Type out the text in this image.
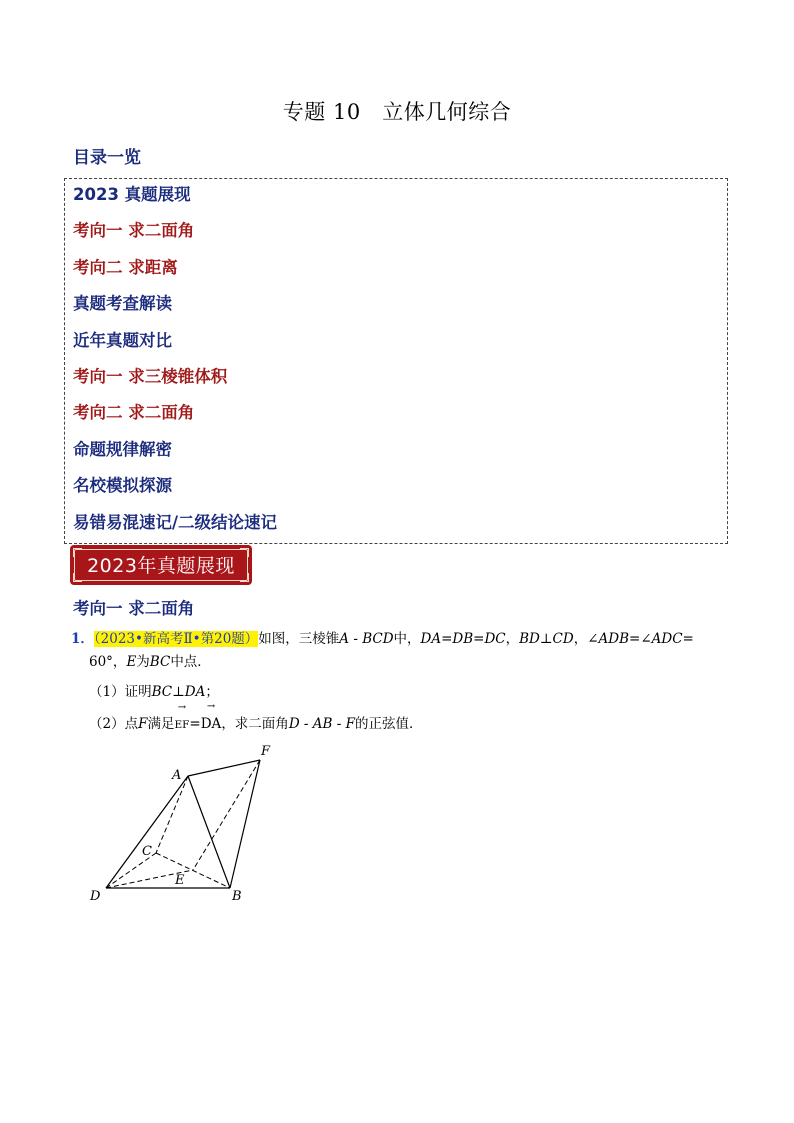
专题 10　立体几何综合
目录一览
2023 真题展现
考向一 求二面角
考向二 求距离
真题考查解读
近年真题对比
考向一 求三棱锥体积
考向二 求二面角
命题规律解密
名校模拟探源
易错易混速记/二级结论速记
2023年真题展现
考向一 求二面角
1．（2023•新高考Ⅱ•第20题）如图，三棱锥A - BCD中，DA=DB=DC，BD⊥CD，∠ADB=∠ADC=
60°，E为BC中点．
（1）证明BC⊥DA；
（2）点F满足→ EF=→ DA，求二面角D - AB - F的正弦值．
A
F
C
E
D	B
